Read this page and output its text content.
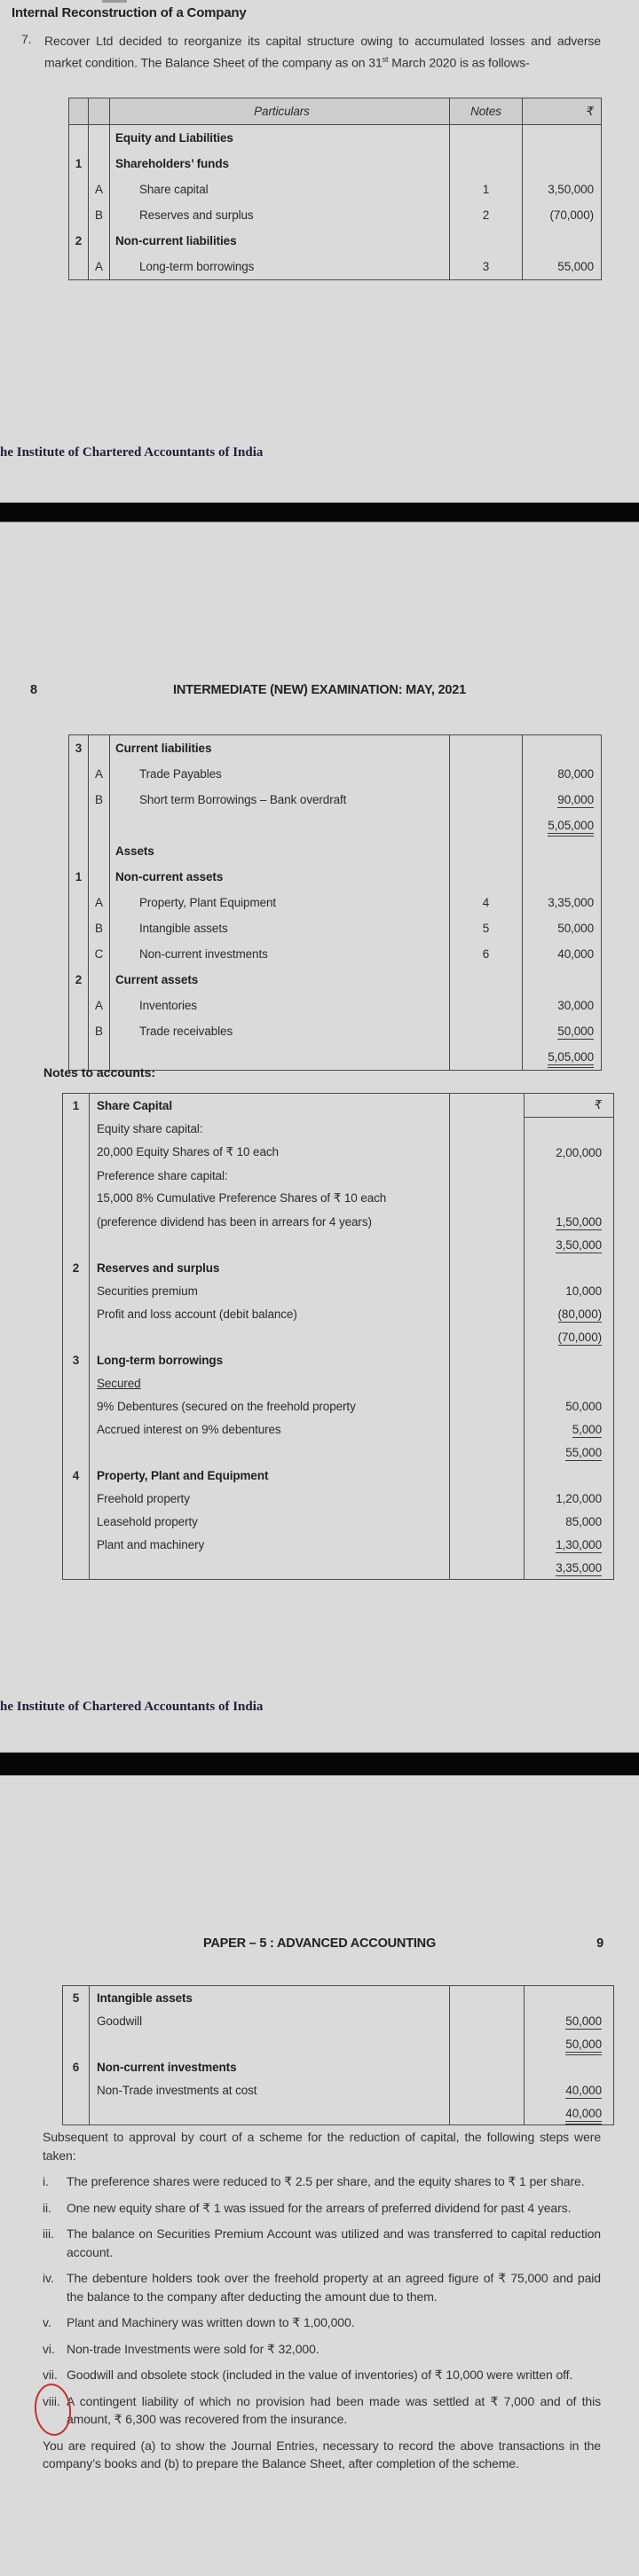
Internal Reconstruction of a Company
7.	Recover Ltd decided to reorganize its capital structure owing to accumulated losses and adverse market condition. The Balance Sheet of the company as on 31st March 2020 is as follows-

		Particulars	Notes	₹
		Equity and Liabilities		
1		Shareholders’ funds		
	A	Share capital	1	3,50,000
	B	Reserves and surplus	2	(70,000)
2		Non-current liabilities		
	A	Long-term borrowings	3	55,000
he Institute of Chartered Accountants of India
8	INTERMEDIATE (NEW) EXAMINATION: MAY, 2021
3		Current liabilities		
	A	Trade Payables		80,000
	B	Short term Borrowings – Bank overdraft		90,000
				5,05,000
		Assets		
1		Non-current assets		
	A	Property, Plant Equipment	4	3,35,000
	B	Intangible assets	5	50,000
	C	Non-current investments	6	40,000
2		Current assets		
	A	Inventories		30,000
	B	Trade receivables		50,000
				5,05,000
Notes to accounts:
1	Share Capital		₹
	Equity share capital:		
	20,000 Equity Shares of ₹ 10 each		2,00,000
	Preference share capital:		
	15,000 8% Cumulative Preference Shares of ₹ 10 each		
	(preference dividend has been in arrears for 4 years)		1,50,000
			3,50,000
2	Reserves and surplus		
	Securities premium		10,000
	Profit and loss account (debit balance)		(80,000)
			(70,000)
3	Long-term borrowings		
	Secured		
	9% Debentures (secured on the freehold property		50,000
	Accrued interest on 9% debentures		5,000
			55,000
4	Property, Plant and Equipment		
	Freehold property		1,20,000
	Leasehold property		85,000
	Plant and machinery		1,30,000
			3,35,000
he Institute of Chartered Accountants of India
PAPER – 5 : ADVANCED ACCOUNTING	9
5	Intangible assets		
	Goodwill		50,000
			50,000
6	Non-current investments		
	Non-Trade investments at cost		40,000
			40,000

Subsequent to approval by court of a scheme for the reduction of capital, the following steps were taken:

i.	The preference shares were reduced to ₹ 2.5 per share, and the equity shares to ₹ 1 per share.
ii.	One new equity share of ₹ 1 was issued for the arrears of preferred dividend for past 4 years.
iii.	The balance on Securities Premium Account was utilized and was transferred to capital reduction account.
iv.	The debenture holders took over the freehold property at an agreed figure of ₹ 75,000 and paid the balance to the company after deducting the amount due to them.
v.	Plant and Machinery was written down to ₹ 1,00,000.
vi. Non-trade Investments were sold for ₹ 32,000.
vii. Goodwill and obsolete stock (included in the value of inventories) of ₹ 10,000 were written off.
viii. A contingent liability of which no provision had been made was settled at ₹ 7,000 and of this amount, ₹ 6,300 was recovered from the insurance.

You are required (a) to show the Journal Entries, necessary to record the above transactions in the company’s books and (b) to prepare the Balance Sheet, after completion of the scheme.
